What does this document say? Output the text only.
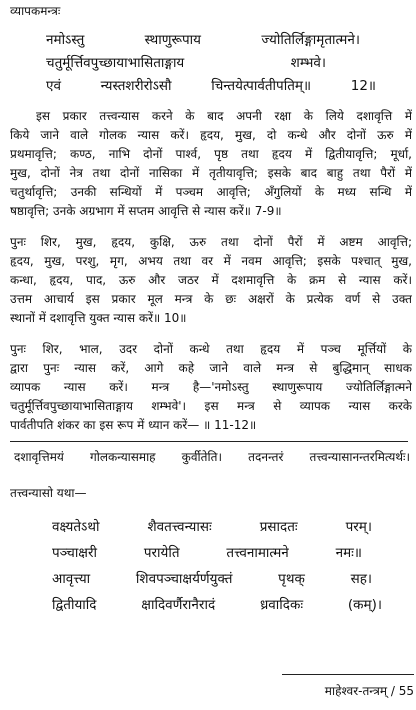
व्यापकमन्त्रः
नमोऽस्तु स्थाणुरूपाय ज्योतिर्लिङ्गामृतात्मने।
चतुर्मूर्त्तिवपुच्छायाभासिताङ्गाय शम्भवे।
एवं न्यस्तशरीरोऽसौ चिन्तयेत्पार्वतीपतिम्॥ 12॥
इस प्रकार तत्त्वन्यास करने के बाद अपनी रक्षा के लिये दशावृत्ति में
किये जाने वाले गोलक न्यास करें। हृदय, मुख, दो कन्धे और दोनों ऊरु में
प्रथमावृत्ति; कण्ठ, नाभि दोनों पार्श्व, पृष्ठ तथा हृदय में द्वितीयावृत्ति; मूर्धा,
मुख, दोनों नेत्र तथा दोनों नासिका में तृतीयावृत्ति; इसके बाद बाहु तथा पैरों में
चतुर्थावृत्ति; उनकी सन्धियों में पञ्चम आवृत्ति; अँगुलियों के मध्य सन्धि में
षष्ठावृत्ति; उनके अग्रभाग में सप्तम आवृत्ति से न्यास करें॥ 7-9॥
पुनः शिर, मुख, हृदय, कुक्षि, ऊरु तथा दोनों पैरों में अष्टम आवृत्ति;
हृदय, मुख, परशु, मृग, अभय तथा वर में नवम आवृत्ति; इसके पश्चात् मुख,
कन्धा, हृदय, पाद, ऊरु और जठर में दशमावृत्ति के क्रम से न्यास करें।
उत्तम आचार्य इस प्रकार मूल मन्त्र के छः अक्षरों के प्रत्येक वर्ण से उक्त
स्थानों में दशावृत्ति युक्त न्यास करें॥ 10॥
पुनः शिर, भाल, उदर दोनों कन्धे तथा हृदय में पञ्च मूर्त्तियों के
द्वारा पुनः न्यास करें, आगे कहे जाने वाले मन्त्र से बुद्धिमान् साधक
व्यापक न्यास करें। मन्त्र है—'नमोऽस्तु स्थाणुरूपाय ज्योतिर्लिङ्गात्मने
चतुर्मूर्त्तिवपुच्छायाभासिताङ्गाय शम्भवे'। इस मन्त्र से व्यापक न्यास करके
पार्वतीपति शंकर का इस रूप में ध्यान करें— ॥ 11-12॥
दशावृत्तिमयं गोलकन्यासमाह कुर्वीतेति। तदनन्तरं तत्त्वन्यासानन्तरमित्यर्थः।
तत्त्वन्यासो यथा—
वक्ष्यतेऽथो शैवतत्त्वन्यासः प्रसादतः परम्।
पञ्चाक्षरी परायेति तत्त्वनामात्मने नमः॥
आवृत्त्या शिवपञ्चाक्षर्यर्णयुक्तं पृथक् सह।
द्वितीयादि क्षादिवर्णैरानैरादं ध्रवादिकः (कम्)।
माहेश्वर-तन्त्रम् / 55
